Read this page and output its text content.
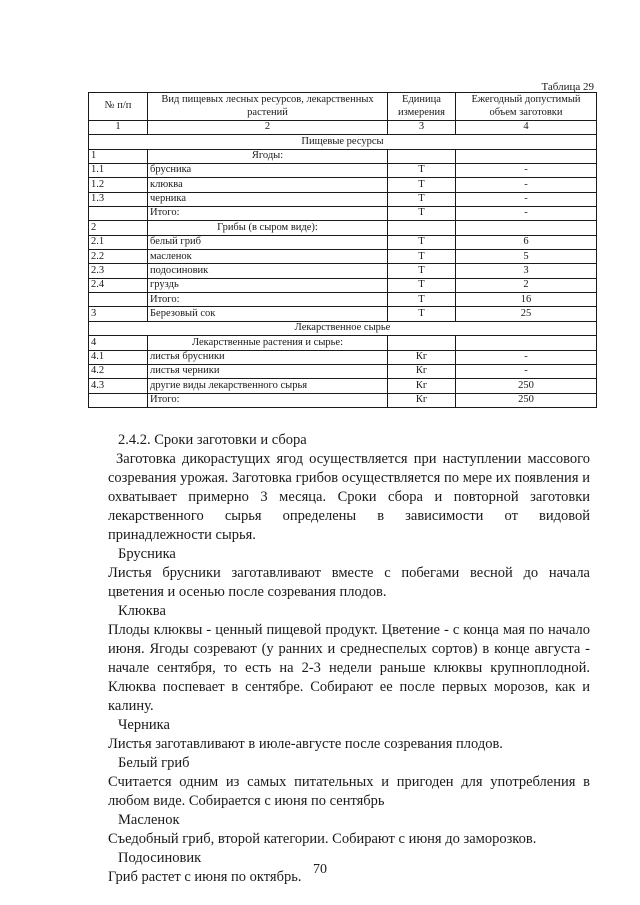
Таблица 29
№ п/п	Вид пищевых лесных ресурсов, лекарственных растений	Единица измерения	Ежегодный допустимый объем заготовки
1	2	3	4
Пищевые ресурсы			
1	Ягоды:		
1.1	брусника	Т	-
1.2	клюква	Т	-
1.3	черника	Т	-
	Итого:	Т	-
2	Грибы (в сыром виде):		
2.1	белый гриб	Т	6
2.2	масленок	Т	5
2.3	подосиновик	Т	3
2.4	груздь	Т	2
	Итого:	Т	16
3	Березовый сок	Т	25
Лекарственное сырье			
4	Лекарственные растения и сырье:		
4.1	листья брусники	Кг	-
4.2	листья черники	Кг	-
4.3	другие виды лекарственного сырья	Кг	250
	Итого:	Кг	250

2.4.2. Сроки заготовки и сбора

Заготовка дикорастущих ягод осуществляется при наступлении массового созревания урожая. Заготовка грибов осуществляется по мере их появления и охватывает примерно 3 месяца. Сроки сбора и повторной заготовки лекарственного сырья определены в зависимости от видовой принадлежности сырья.

Брусника

Листья брусники заготавливают вместе с побегами весной до начала цветения и осенью после созревания плодов.

Клюква

Плоды клюквы - ценный пищевой продукт. Цветение - с конца мая по начало июня. Ягоды созревают (у ранних и среднеспелых сортов) в конце августа - начале сентября, то есть на 2-3 недели раньше клюквы крупноплодной. Клюква поспевает в сентябре. Собирают ее после первых морозов, как и калину.

Черника

Листья заготавливают в июле-августе после созревания плодов.

Белый гриб

Считается одним из самых питательных и пригоден для употребления в любом виде. Собирается с июня по сентябрь

Масленок

Съедобный гриб, второй категории. Собирают с июня до заморозков.

Подосиновик

Гриб растет с июня по октябрь. 70
